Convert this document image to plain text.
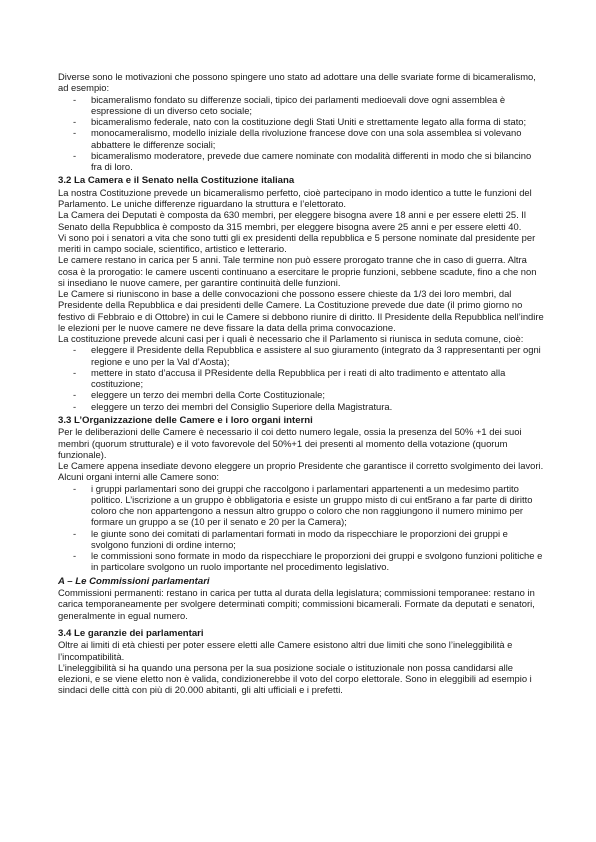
Diverse sono le motivazioni che possono spingere uno stato ad adottare una delle svariate forme di bicameralismo, ad esempio:

- bicameralismo fondato su differenze sociali, tipico dei parlamenti medioevali dove ogni assemblea è espressione di un diverso ceto sociale;
- bicameralismo federale, nato con la costituzione degli Stati Uniti e strettamente legato alla forma di stato;
- monocameralismo, modello iniziale della rivoluzione francese dove con una sola assemblea si volevano abbattere le differenze sociali;
- bicameralismo moderatore, prevede due camere nominate con modalità differenti in modo che si bilancino fra di loro.
3.2 La Camera e il Senato nella Costituzione italiana

La nostra Costituzione prevede un bicameralismo perfetto, cioè partecipano in modo identico a tutte le funzioni del Parlamento. Le uniche differenze riguardano la struttura e l’elettorato.

La Camera dei Deputati è composta da 630 membri, per eleggere bisogna avere 18 anni e per essere eletti 25. Il Senato della Repubblica è composto da 315 membri, per eleggere bisogna avere 25 anni e per essere eletti 40.

Vi sono poi i senatori a vita che sono tutti gli ex presidenti della repubblica e 5 persone nominate dal presidente per meriti in campo sociale, scientifico, artistico e letterario.

Le camere restano in carica per 5 anni. Tale termine non può essere prorogato tranne che in caso di guerra. Altra cosa è la prorogatio: le camere uscenti continuano a esercitare le proprie funzioni, sebbene scadute, fino a che non si insediano le nuove camere, per garantire continuità delle funzioni.

Le Camere si riuniscono in base a delle convocazioni che possono essere chieste da 1/3 dei loro membri, dal Presidente della Repubblica e dai presidenti delle Camere. La Costituzione prevede due date (il primo giorno no festivo di Febbraio e di Ottobre) in cui le Camere si debbono riunire di diritto. Il Presidente della Repubblica nell’indire le elezioni per le nuove camere ne deve fissare la data della prima convocazione.

La costituzione prevede alcuni casi per i quali è necessario che il Parlamento si riunisca in seduta comune, cioè:

- eleggere il Presidente della Repubblica e assistere al suo giuramento (integrato da 3 rappresentanti per ogni regione e uno per la Val d’Aosta);
- mettere in stato d’accusa il PResidente della Repubblica per i reati di alto tradimento e attentato alla costituzione;
- eleggere un terzo dei membri della Corte Costituzionale;
- eleggere un terzo dei membri del Consiglio Superiore della Magistratura.
3.3 L’Organizzazione delle Camere e i loro organi interni

Per le deliberazioni delle Camere è necessario il coi detto numero legale, ossia la presenza del 50% +1 dei suoi membri (quorum strutturale) e il voto favorevole del 50%+1 dei presenti al momento della votazione (quorum funzionale).

Le Camere appena insediate devono eleggere un proprio Presidente che garantisce il corretto svolgimento dei lavori.

Alcuni organi interni alle Camere sono:

- i gruppi parlamentari sono dei gruppi che raccolgono i parlamentari appartenenti a un medesimo partito politico. L’iscrizione a un gruppo è obbligatoria e esiste un gruppo misto di cui ent5rano a far parte di diritto coloro che non appartengono a nessun altro gruppo o coloro che non raggiungono il numero minimo per formare un gruppo a se (10 per il senato e 20 per la Camera);
- le giunte sono dei comitati di parlamentari formati in modo da rispecchiare le proporzioni dei gruppi e svolgono funzioni di ordine interno;
- le commissioni sono formate in modo da rispecchiare le proporzioni dei gruppi e svolgono funzioni politiche e in particolare svolgono un ruolo importante nel procedimento legislativo.
A – Le Commissioni parlamentari

Commissioni permanenti: restano in carica per tutta al durata della legislatura; commissioni temporanee: restano in carica temporaneamente per svolgere determinati compiti; commissioni bicamerali. Formate da deputati e senatori, generalmente in egual numero.

3.4 Le garanzie dei parlamentari

Oltre ai limiti di età chiesti per poter essere eletti alle Camere esistono altri due limiti che sono l’ineleggibilità e l’incompatibilità.

L’ineleggibilità si ha quando una persona per la sua posizione sociale o istituzionale non possa candidarsi alle elezioni, e se viene eletto non è valida, condizionerebbe il voto del corpo elettorale. Sono in eleggibili ad esempio i sindaci delle città con più di 20.000 abitanti, gli alti ufficiali e i prefetti.
